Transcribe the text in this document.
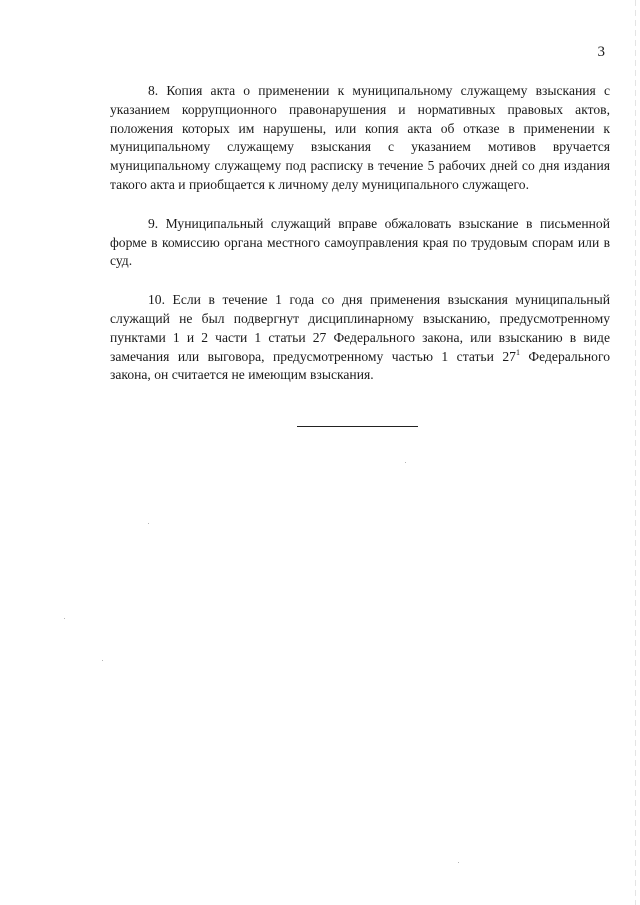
3

8. Копия акта о применении к муниципальному служащему взыскания с указанием коррупционного правонарушения и нормативных правовых актов, положения которых им нарушены, или копия акта об отказе в применении к муниципальному служащему взыскания с указанием мотивов вручается муниципальному служащему под расписку в течение 5 рабочих дней со дня издания такого акта и приобщается к личному делу муниципального служащего.

9. Муниципальный служащий вправе обжаловать взыскание в письменной форме в комиссию органа местного самоуправления края по трудовым спорам или в суд.

10. Если в течение 1 года со дня применения взыскания муниципальный служащий не был подвергнут дисциплинарному взысканию, предусмотренному пунктами 1 и 2 части 1 статьи 27 Федерального закона, или взысканию в виде замечания или выговора, предусмотренному частью 1 статьи $27^1$ Федерального закона, он считается не имеющим взыскания.
